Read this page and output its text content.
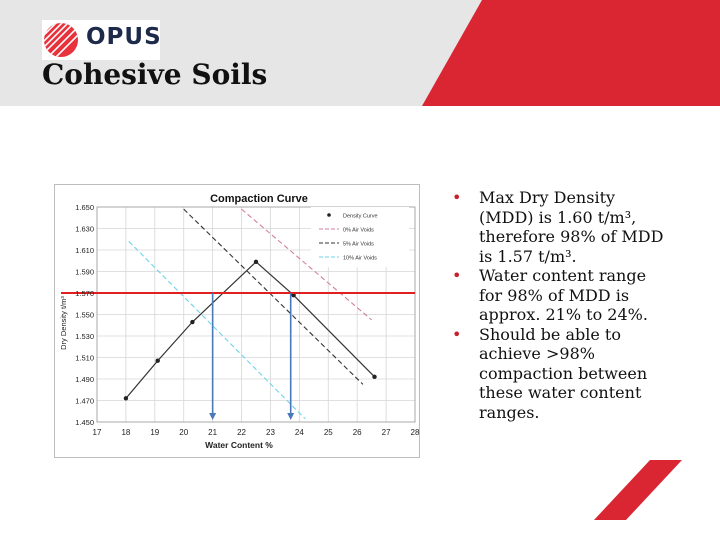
OPUS
Cohesive Soils
Compaction Curve
Density Curve
0% Air Voids
5% Air Voids
10% Air Voids
17	18	19	20	21	22	23	24	25	26	27	28
1.650
1.630
1.610
1.590
1.570
1.550
1.530
1.510
1.490
1.470
1.450
Water Content %
Dry Density t/m³
• Max Dry Density (MDD) is 1.60 t/m³, therefore 98% of MDD is 1.57 t/m³.
• Water content range for 98% of MDD is approx. 21% to 24%.
• Should be able to achieve >98% compaction between these water content ranges.
